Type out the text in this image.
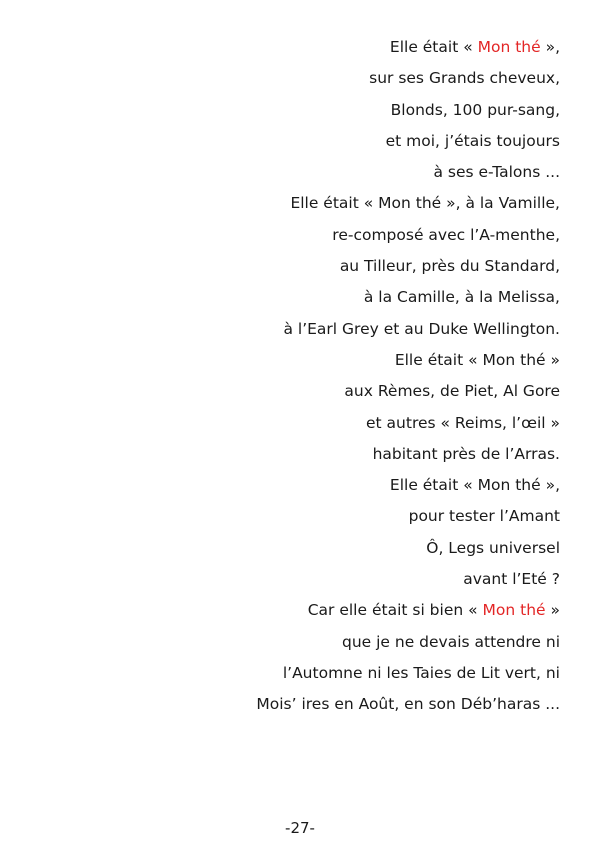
Elle était « Mon thé »,
sur ses Grands cheveux,
Blonds, 100 pur-sang,
et moi, j’étais toujours
à ses e-Talons ...
Elle était « Mon thé », à la Vamille,
re-composé avec l’A-menthe,
au Tilleur, près du Standard,
à la Camille, à la Melissa,
à l’Earl Grey et au Duke Wellington.
Elle était « Mon thé »
aux Rèmes, de Piet, Al Gore
et autres « Reims, l’œil »
habitant près de l’Arras.
Elle était « Mon thé »,
pour tester l’Amant
Ô, Legs universel
avant l’Eté ?
Car elle était si bien « Mon thé »
que je ne devais attendre ni
l’Automne ni les Taies de Lit vert, ni
Mois’ ires en Août, en son Déb’haras ...
-27-
